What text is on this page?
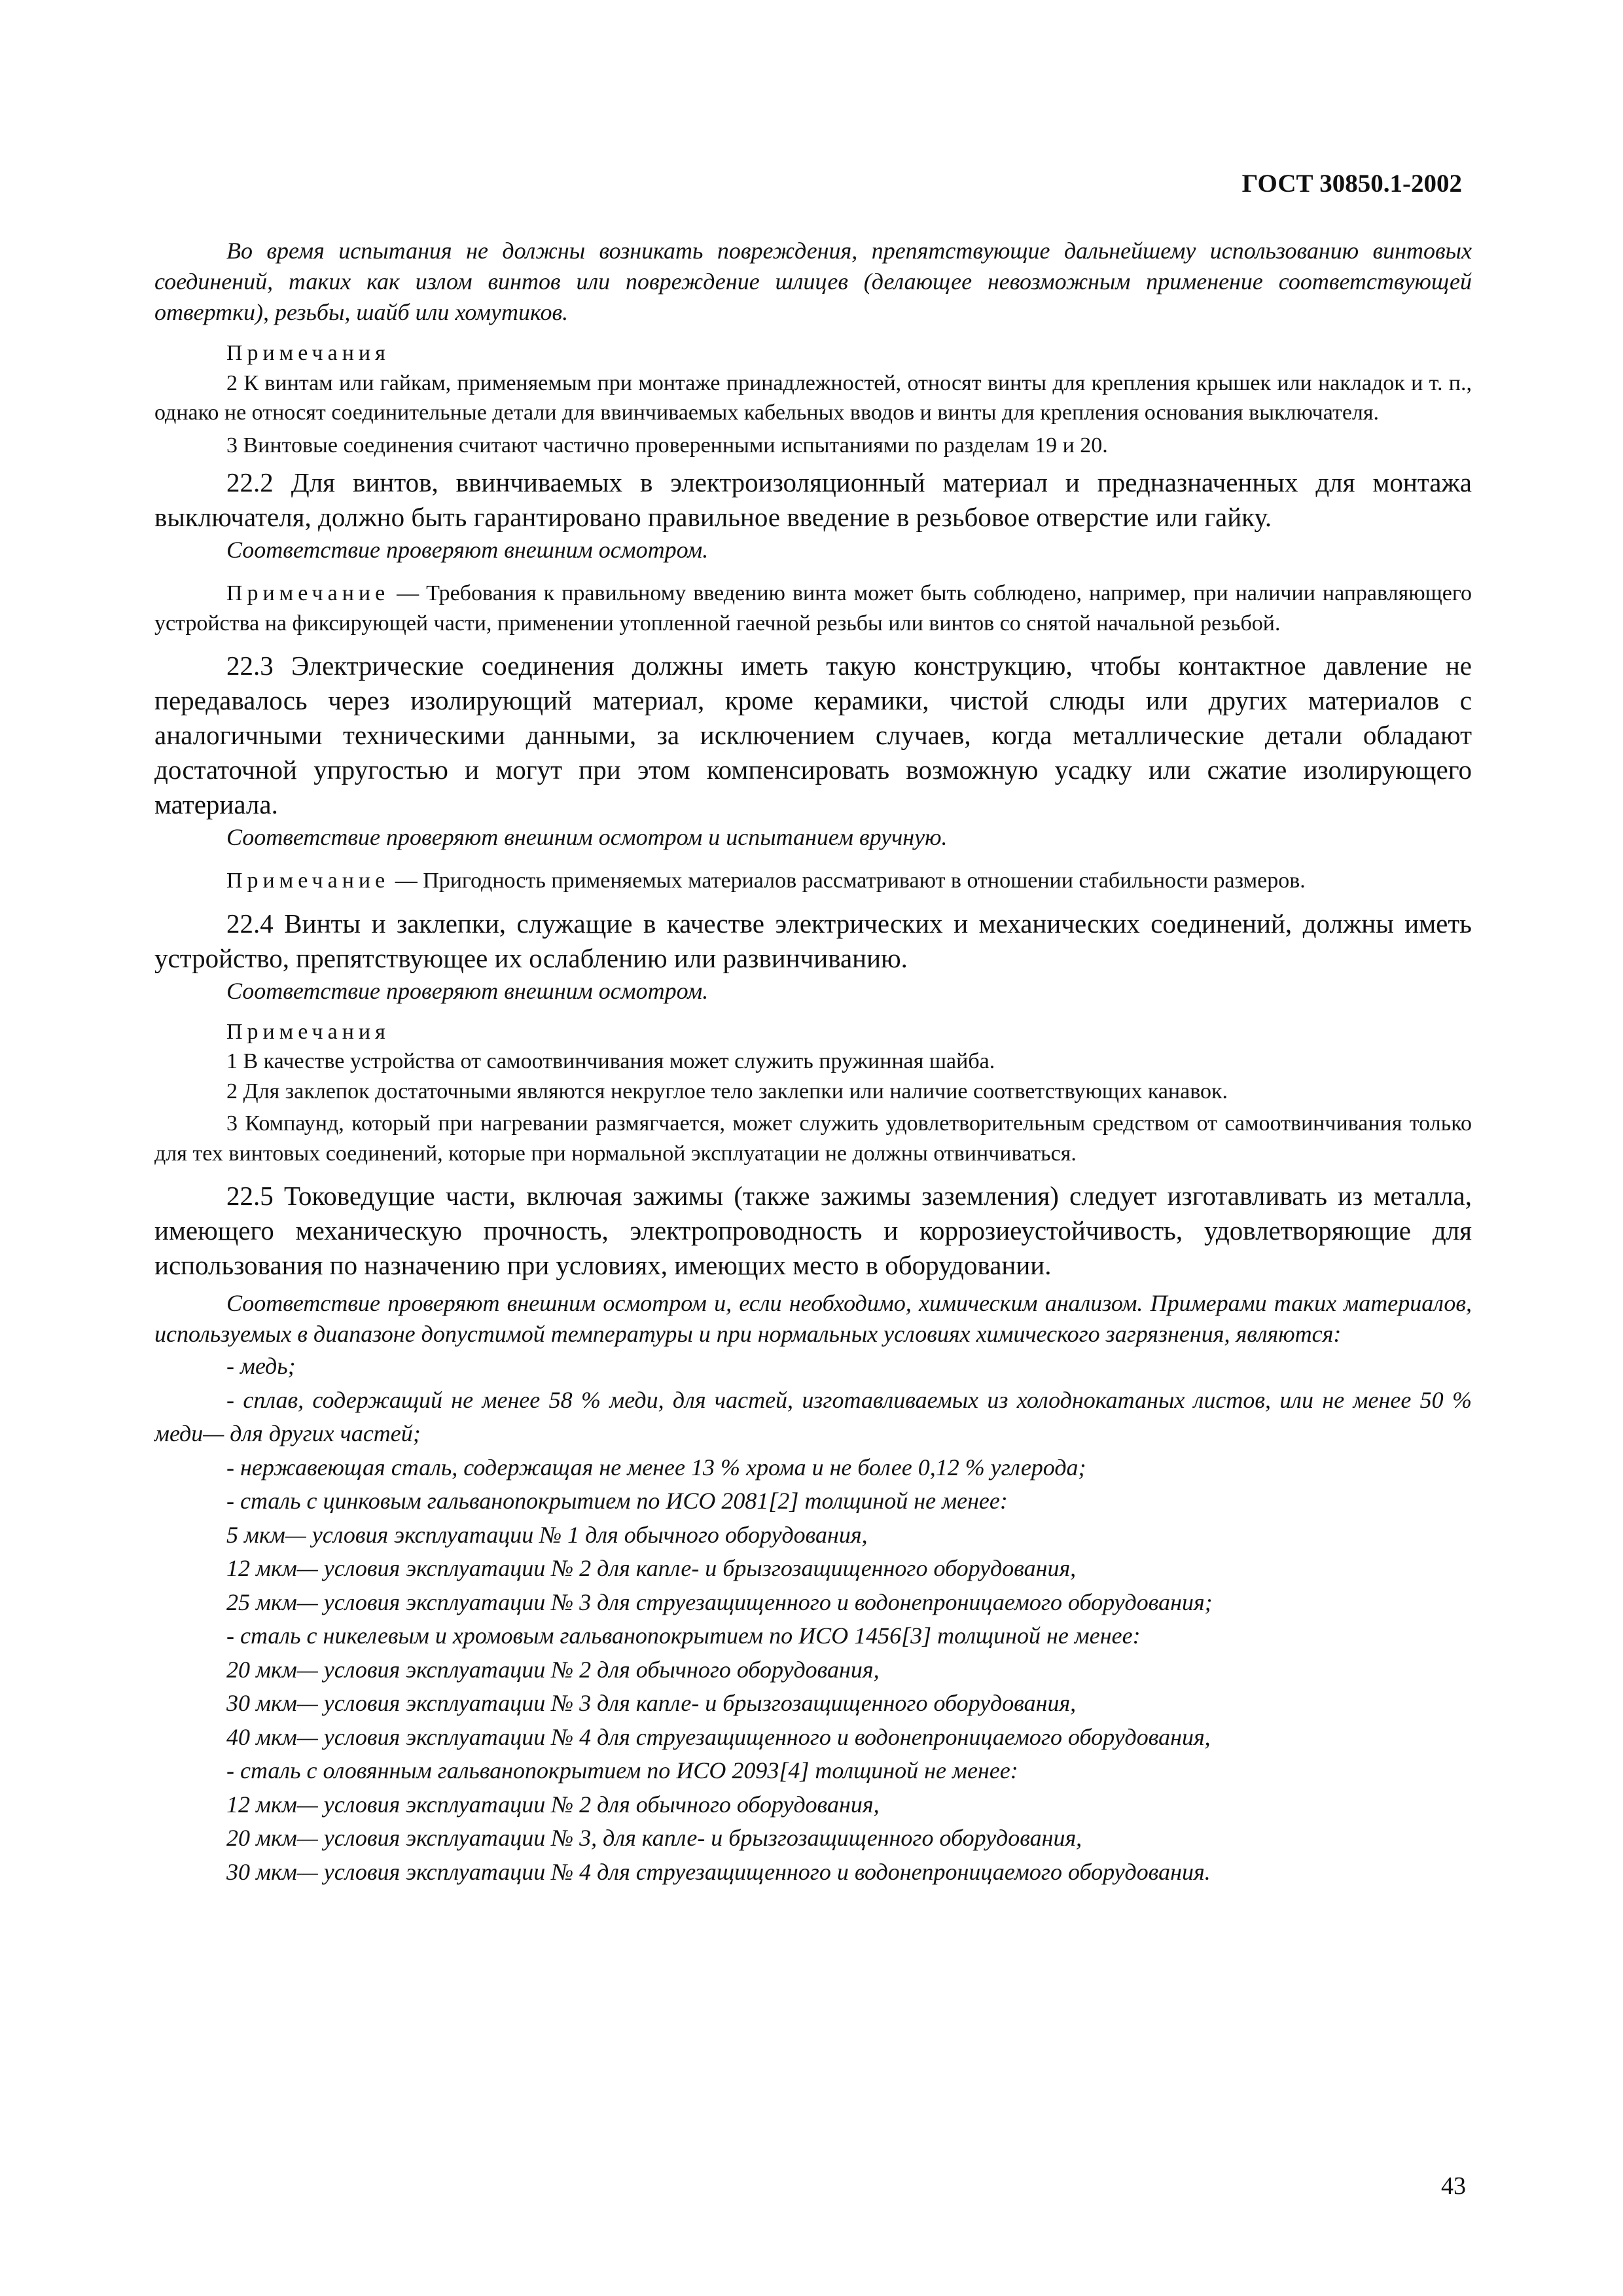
ГОСТ 30850.1-2002

Во время испытания не должны возникать повреждения, препятствующие дальнейшему использованию винтовых соединений, таких как излом винтов или повреждение шлицев (делающее невозможным применение соответствующей отвертки), резьбы, шайб или хомутиков.

Примечания

2 К винтам или гайкам, применяемым при монтаже принадлежностей, относят винты для крепления крышек или накладок и т. п., однако не относят соединительные детали для ввинчиваемых кабельных вводов и винты для крепления основания выключателя.

3 Винтовые соединения считают частично проверенными испытаниями по разделам 19 и 20.

22.2 Для винтов, ввинчиваемых в электроизоляционный материал и предназначенных для монтажа выключателя, должно быть гарантировано правильное введение в резьбовое отверстие или гайку.

Соответствие проверяют внешним осмотром.

Примечание — Требования к правильному введению винта может быть соблюдено, например, при наличии направляющего устройства на фиксирующей части, применении утопленной гаечной резьбы или винтов со снятой начальной резьбой.

22.3 Электрические соединения должны иметь такую конструкцию, чтобы контактное давление не передавалось через изолирующий материал, кроме керамики, чистой слюды или других материалов с аналогичными техническими данными, за исключением случаев, когда металлические детали обладают достаточной упругостью и могут при этом компенсировать возможную усадку или сжатие изолирующего материала.

Соответствие проверяют внешним осмотром и испытанием вручную.

Примечание — Пригодность применяемых материалов рассматривают в отношении стабильности размеров.

22.4 Винты и заклепки, служащие в качестве электрических и механических соединений, должны иметь устройство, препятствующее их ослаблению или развинчиванию.

Соответствие проверяют внешним осмотром.

Примечания

1 В качестве устройства от самоотвинчивания может служить пружинная шайба.

2 Для заклепок достаточными являются некруглое тело заклепки или наличие соответствующих канавок.

3 Компаунд, который при нагревании размягчается, может служить удовлетворительным средством от самоотвинчивания только для тех винтовых соединений, которые при нормальной эксплуатации не должны отвинчиваться.

22.5 Токоведущие части, включая зажимы (также зажимы заземления) следует изготавливать из металла, имеющего механическую прочность, электропроводность и коррозиеустойчивость, удовлетворяющие для использования по назначению при условиях, имеющих место в оборудовании.

Соответствие проверяют внешним осмотром и, если необходимо, химическим анализом. Примерами таких материалов, используемых в диапазоне допустимой температуры и при нормальных условиях химического загрязнения, являются:

- медь;

- сплав, содержащий не менее 58 % меди, для частей, изготавливаемых из холоднокатаных листов, или не менее 50 % меди— для других частей;

- нержавеющая сталь, содержащая не менее 13 % хрома и не более 0,12 % углерода;

- сталь с цинковым гальванопокрытием по ИСО 2081[2] толщиной не менее:

5 мкм— условия эксплуатации № 1 для обычного оборудования,

12 мкм— условия эксплуатации № 2 для капле- и брызгозащищенного оборудования,

25 мкм— условия эксплуатации № 3 для струезащищенного и водонепроницаемого оборудования;

- сталь с никелевым и хромовым гальванопокрытием по ИСО 1456[3] толщиной не менее:

20 мкм— условия эксплуатации № 2 для обычного оборудования,

30 мкм— условия эксплуатации № 3 для капле- и брызгозащищенного оборудования,

40 мкм— условия эксплуатации № 4 для струезащищенного и водонепроницаемого оборудования,

- сталь с оловянным гальванопокрытием по ИСО 2093[4] толщиной не менее:

12 мкм— условия эксплуатации № 2 для обычного оборудования,

20 мкм— условия эксплуатации № 3, для капле- и брызгозащищенного оборудования,

30 мкм— условия эксплуатации № 4 для струезащищенного и водонепроницаемого оборудования.

43
